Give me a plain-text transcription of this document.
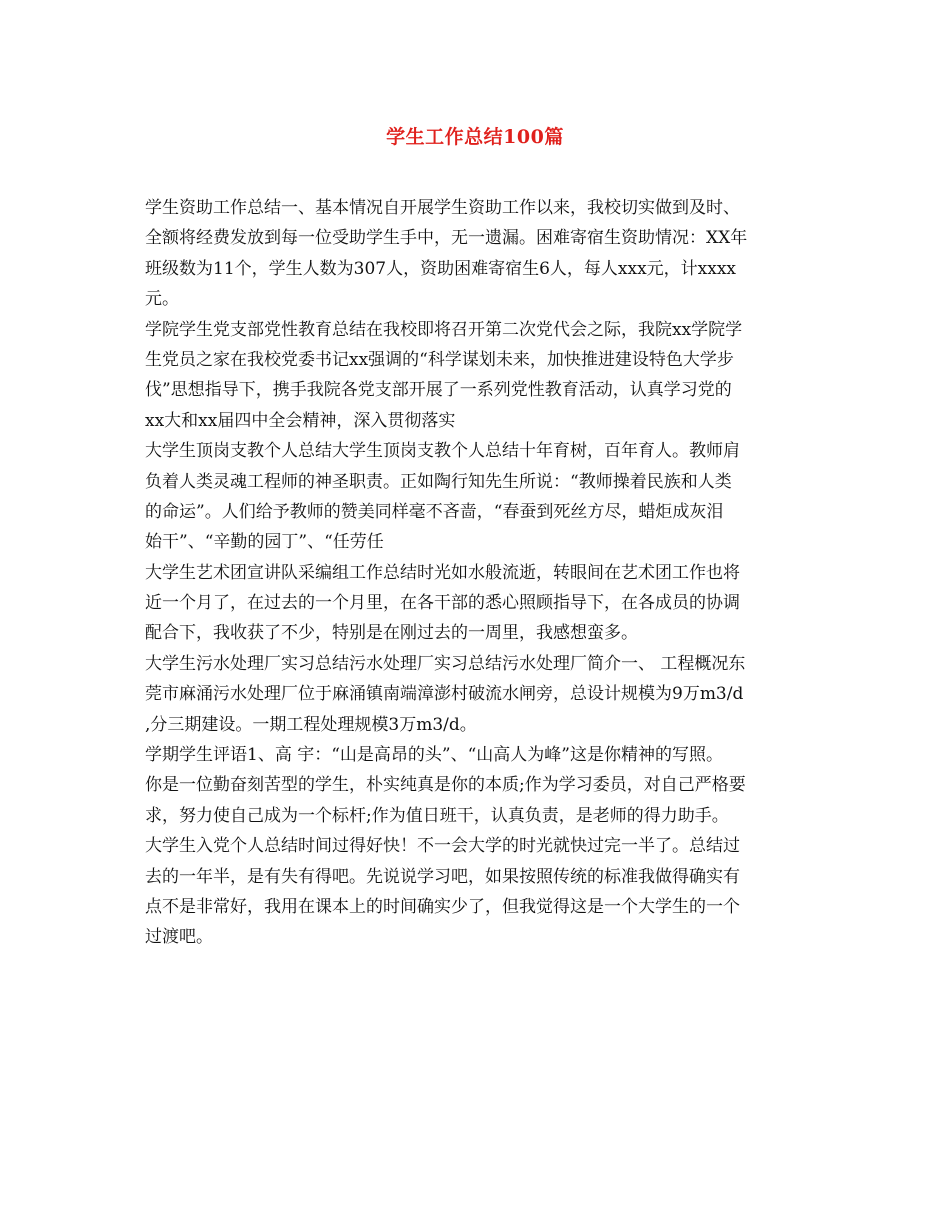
学生工作总结100篇
学生资助工作总结一、基本情况自开展学生资助工作以来，我校切实做到及时、
全额将经费发放到每一位受助学生手中，无一遗漏。困难寄宿生资助情况：XX年
班级数为11个，学生人数为307人，资助困难寄宿生6人，每人xxx元，计xxxx
元。
学院学生党支部党性教育总结在我校即将召开第二次党代会之际，我院xx学院学
生党员之家在我校党委书记xx强调的“科学谋划未来，加快推进建设特色大学步
伐”思想指导下，携手我院各党支部开展了一系列党性教育活动，认真学习党的
xx大和xx届四中全会精神，深入贯彻落实
大学生顶岗支教个人总结大学生顶岗支教个人总结十年育树，百年育人。教师肩
负着人类灵魂工程师的神圣职责。正如陶行知先生所说：“教师操着民族和人类
的命运”。人们给予教师的赞美同样毫不吝啬，“春蚕到死丝方尽，蜡炬成灰泪
始干”、“辛勤的园丁”、“任劳任
大学生艺术团宣讲队采编组工作总结时光如水般流逝，转眼间在艺术团工作也将
近一个月了，在过去的一个月里，在各干部的悉心照顾指导下，在各成员的协调
配合下，我收获了不少，特别是在刚过去的一周里，我感想蛮多。
大学生污水处理厂实习总结污水处理厂实习总结污水处理厂简介一、 工程概况东
莞市麻涌污水处理厂位于麻涌镇南端漳澎村破流水闸旁，总设计规模为9万m3/d
,分三期建设。一期工程处理规模3万m3/d。
学期学生评语1、高 宇：“山是高昂的头”、“山高人为峰”这是你精神的写照。
你是一位勤奋刻苦型的学生，朴实纯真是你的本质;作为学习委员，对自己严格要
求，努力使自己成为一个标杆;作为值日班干，认真负责，是老师的得力助手。
大学生入党个人总结时间过得好快！不一会大学的时光就快过完一半了。总结过
去的一年半，是有失有得吧。先说说学习吧，如果按照传统的标准我做得确实有
点不是非常好，我用在课本上的时间确实少了，但我觉得这是一个大学生的一个
过渡吧。
